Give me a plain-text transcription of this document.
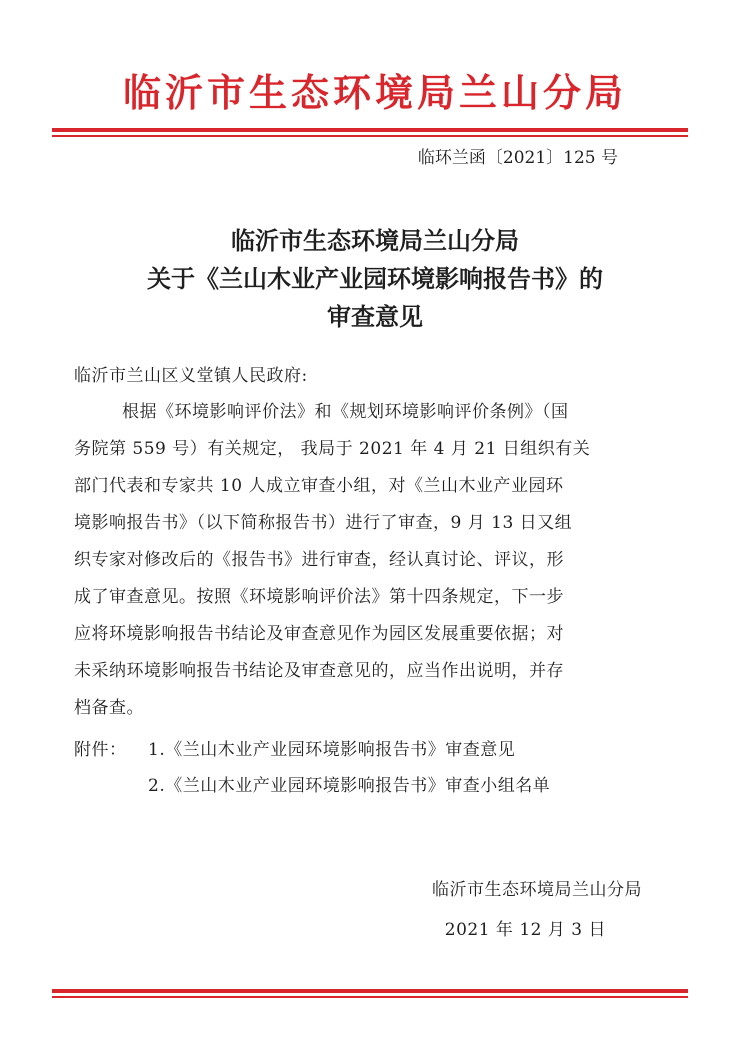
临沂市生态环境局兰山分局
临环兰函〔2021〕125 号
临沂市生态环境局兰山分局
关于《兰山木业产业园环境影响报告书》的
审查意见
临沂市兰山区义堂镇人民政府:
根据《环境影响评价法》和《规划环境影响评价条例》（国
务院第 559 号）有关规定， 我局于 2021 年 4 月 21 日组织有关
部门代表和专家共 10 人成立审查小组，对《兰山木业产业园环
境影响报告书》（以下简称报告书）进行了审查，9 月 13 日又组
织专家对修改后的《报告书》进行审查，经认真讨论、评议，形
成了审查意见。按照《环境影响评价法》第十四条规定，下一步
应将环境影响报告书结论及审查意见作为园区发展重要依据；对
未采纳环境影响报告书结论及审查意见的，应当作出说明，并存
档备查。
附件： 1.《兰山木业产业园环境影响报告书》审查意见
2.《兰山木业产业园环境影响报告书》审查小组名单
临沂市生态环境局兰山分局
2021 年 12 月 3 日
